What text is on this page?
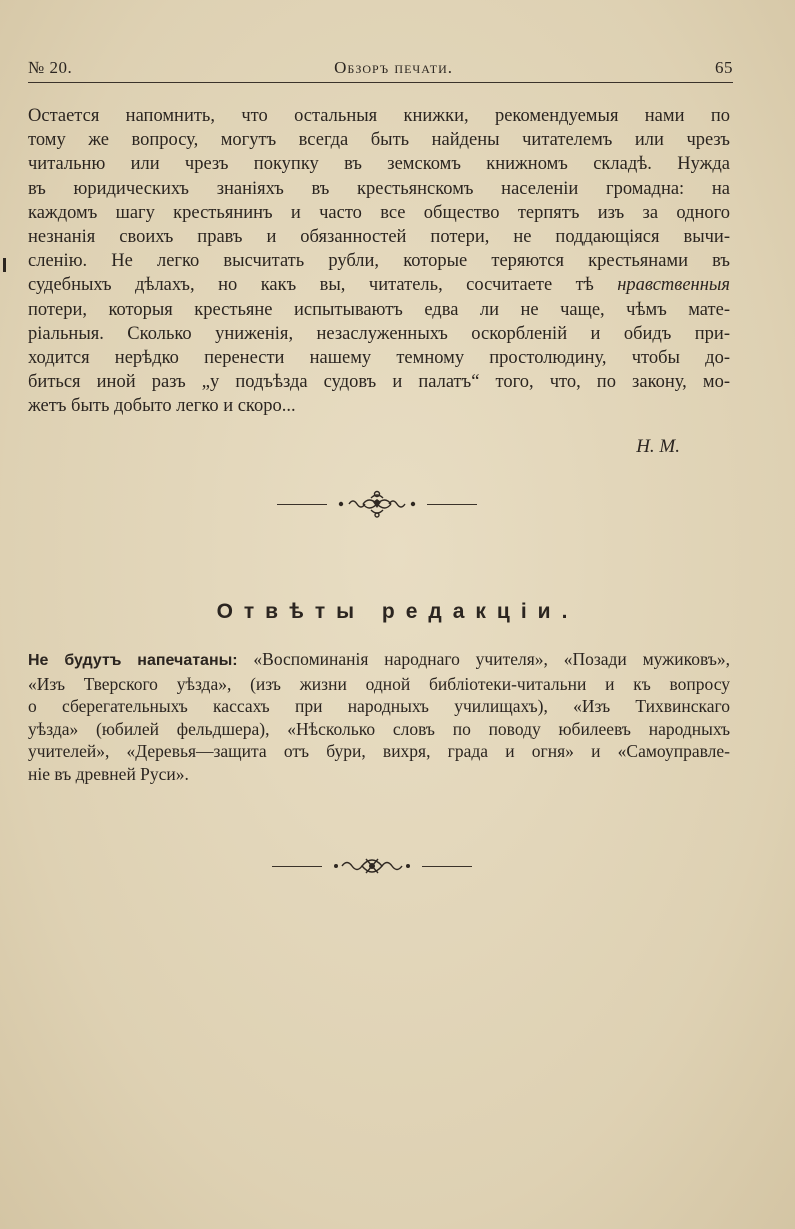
№ 20.	Обзоръ печати.	65
Остается напомнить, что остальныя книжки, рекомендуемыя нами по
тому же вопросу, могутъ всегда быть найдены читателемъ или чрезъ
читальню или чрезъ покупку въ земскомъ книжномъ складѣ. Нужда
въ юридическихъ знаніяхъ въ крестьянскомъ населеніи громадна: на
каждомъ шагу крестьянинъ и часто все общество терпятъ изъ за одного
незнанія своихъ правъ и обязанностей потери, не поддающіяся вычи-
сленію. Не легко высчитать рубли, которые теряются крестьянами въ
судебныхъ дѣлахъ, но какъ вы, читатель, сосчитаете тѣ нравственныя
потери, которыя крестьяне испытываютъ едва ли не чаще, чѣмъ мате-
ріальныя. Сколько униженія, незаслуженныхъ оскорбленій и обидъ при-
ходится нерѣдко перенести нашему темному простолюдину, чтобы до-
биться иной разъ „у подъѣзда судовъ и палатъ“ того, что, по закону, мо-
жетъ быть добыто легко и скоро...
Н. М.
Отвѣты редакціи.
Не будутъ напечатаны: «Воспоминанія народнаго учителя», «Позади мужиковъ»,
«Изъ Тверского уѣзда», (изъ жизни одной библіотеки-читальни и къ вопросу
о сберегательныхъ кассахъ при народныхъ училищахъ), «Изъ Тихвинскаго
уѣзда» (юбилей фельдшера), «Нѣсколько словъ по поводу юбилеевъ народныхъ
учителей», «Деревья—защита отъ бури, вихря, града и огня» и «Самоуправле-
ніе въ древней Руси».
